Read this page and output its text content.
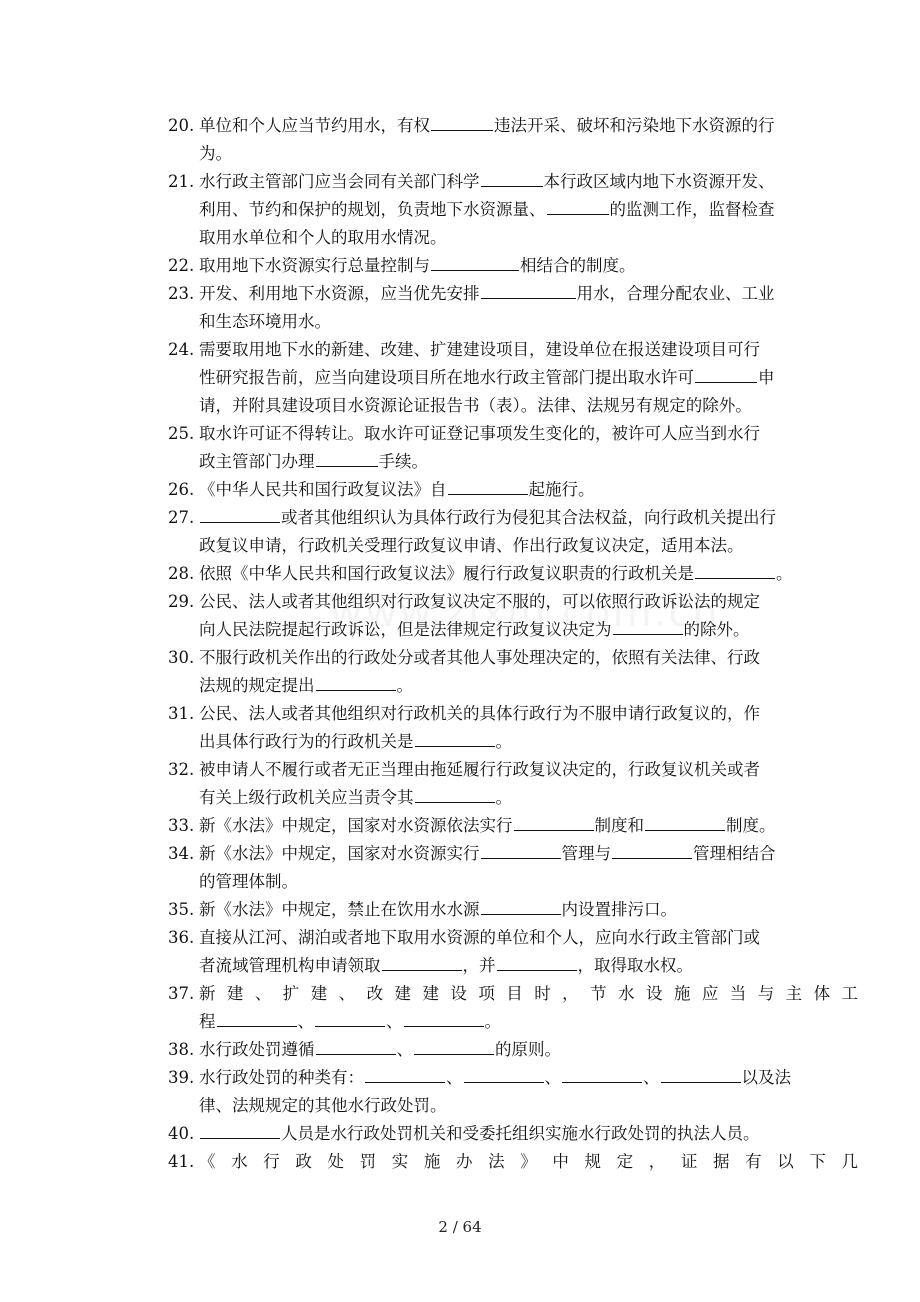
20. 单位和个人应当节约用水，有权	违法开采、破坏和污染地下水资源的行
为。

21. 水行政主管部门应当会同有关部门科学	本行政区域内地下水资源开发、
利用、节约和保护的规划，负责地下水资源量、	的监测工作，监督检查
取用水单位和个人的取用水情况。

22. 取用地下水资源实行总量控制与	相结合的制度。

23. 开发、利用地下水资源，应当优先安排	用水，合理分配农业、工业
和生态环境用水。

24. 需要取用地下水的新建、改建、扩建建设项目，建设单位在报送建设项目可行
性研究报告前，应当向建设项目所在地水行政主管部门提出取水许可	申
请，并附具建设项目水资源论证报告书（表）。法律、法规另有规定的除外。

25. 取水许可证不得转让。取水许可证登记事项发生变化的，被许可人应当到水行
政主管部门办理	手续。

26. 《中华人民共和国行政复议法》自	起施行。

27.	或者其他组织认为具体行政行为侵犯其合法权益，向行政机关提出行
政复议申请，行政机关受理行政复议申请、作出行政复议决定，适用本法。

28. 依照《中华人民共和国行政复议法》履行行政复议职责的行政机关是	。

29. 公民、法人或者其他组织对行政复议决定不服的，可以依照行政诉讼法的规定
向人民法院提起行政诉讼，但是法律规定行政复议决定为	的除外。

30. 不服行政机关作出的行政处分或者其他人事处理决定的，依照有关法律、行政
法规的规定提出	。

31. 公民、法人或者其他组织对行政机关的具体行政行为不服申请行政复议的，作
出具体行政行为的行政机关是	。

32. 被申请人不履行或者无正当理由拖延履行行政复议决定的，行政复议机关或者
有关上级行政机关应当责令其	。

33. 新《水法》中规定，国家对水资源依法实行	制度和	制度。

34. 新《水法》中规定，国家对水资源实行	管理与	管理相结合
的管理体制。

35. 新《水法》中规定，禁止在饮用水水源	内设置排污口。

36. 直接从江河、湖泊或者地下取用水资源的单位和个人，应向水行政主管部门或
者流域管理机构申请领取	，并	，取得取水权。

37. 新建、扩建、改建建设项目时，节水设施应当与主体工
程	、	、	。

38. 水行政处罚遵循	、	的原则。

39. 水行政处罚的种类有：	、	、	、	以及法
律、法规规定的其他水行政处罚。

40.	人员是水行政处罚机关和受委托组织实施水行政处罚的执法人员。

41. 《水行政处罚实施办法》中规定，证据有以下几

2 / 64
